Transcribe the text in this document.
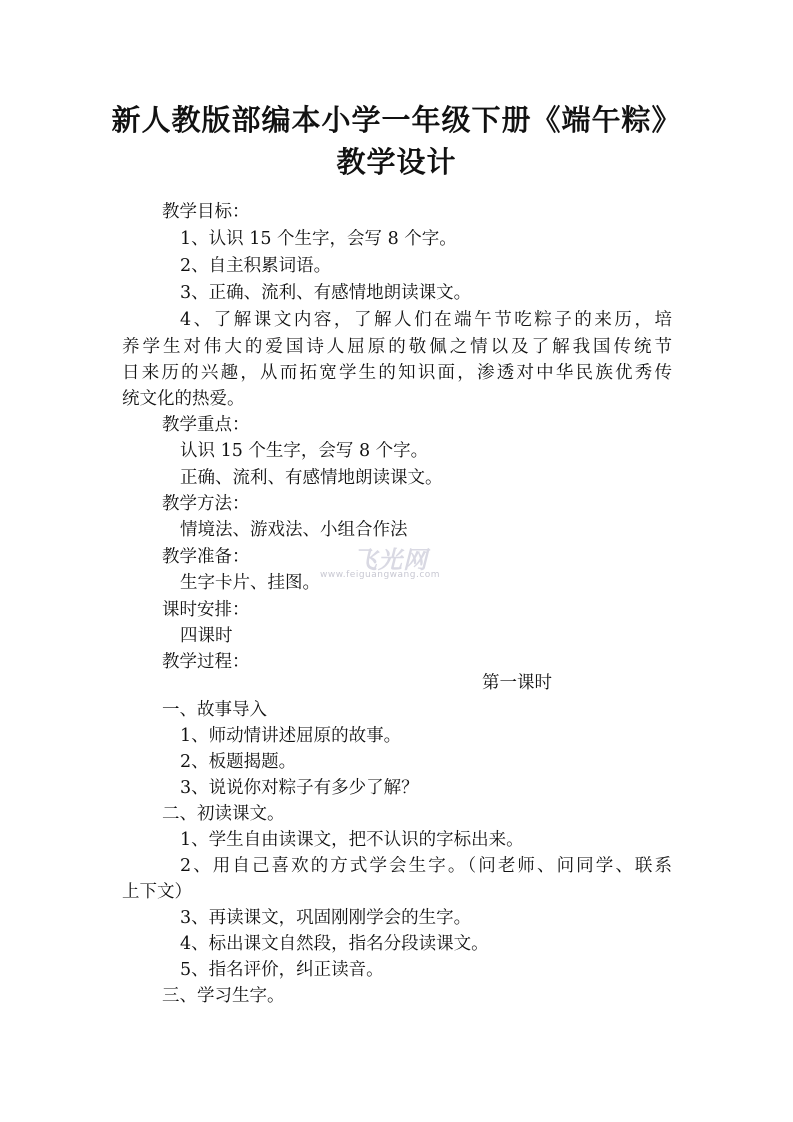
新人教版部编本小学一年级下册《端午粽》
教学设计
教学目标：
1、认识 15 个生字，会写 8 个字。
2、自主积累词语。
3、正确、流利、有感情地朗读课文。
4、了解课文内容，了解人们在端午节吃粽子的来历，培
养学生对伟大的爱国诗人屈原的敬佩之情以及了解我国传统节
日来历的兴趣，从而拓宽学生的知识面，渗透对中华民族优秀传
统文化的热爱。
教学重点：
认识 15 个生字，会写 8 个字。
正确、流利、有感情地朗读课文。
教学方法：
情境法、游戏法、小组合作法
教学准备：
生字卡片、挂图。
课时安排：
四课时
教学过程：
第一课时
一、故事导入
1、师动情讲述屈原的故事。
2、板题揭题。
3、说说你对粽子有多少了解？
二、初读课文。
1、学生自由读课文，把不认识的字标出来。
2、用自己喜欢的方式学会生字。（问老师、问同学、联系
上下文）
3、再读课文，巩固刚刚学会的生字。
4、标出课文自然段，指名分段读课文。
5、指名评价，纠正读音。
三、学习生字。
飞光网
www.feiguangwang.com
